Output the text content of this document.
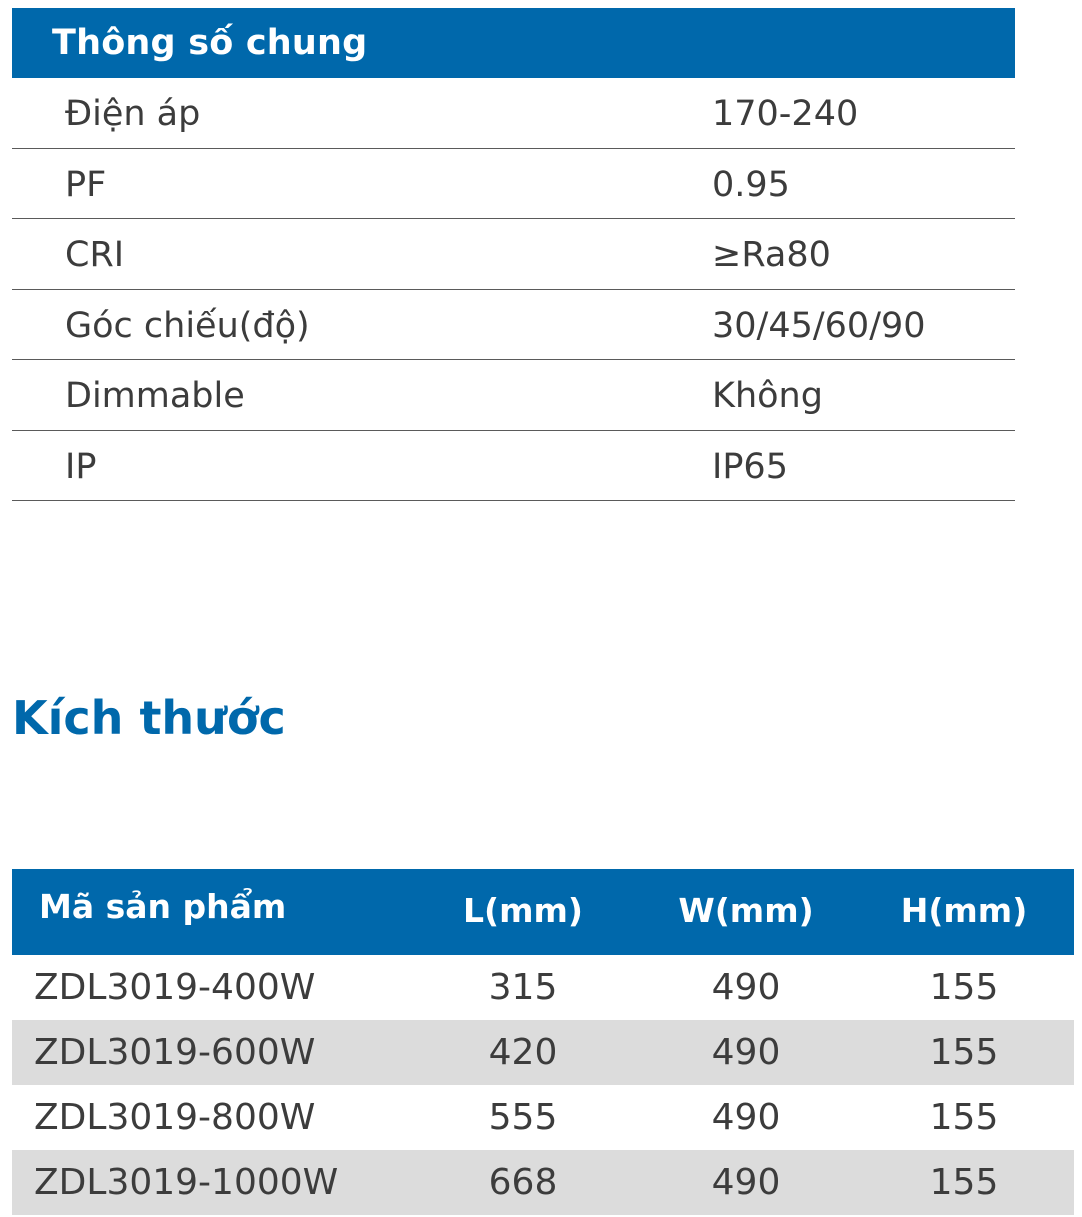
Thông số chung
Điện áp	170-240
PF	0.95
CRI	≥Ra80
Góc chiếu(độ)	30/45/60/90
Dimmable	Không
IP	IP65
Kích thước
Mã sản phẩm	L(mm)	W(mm)	H(mm)
ZDL3019-400W	315	490	155
ZDL3019-600W	420	490	155
ZDL3019-800W	555	490	155
ZDL3019-1000W	668	490	155
